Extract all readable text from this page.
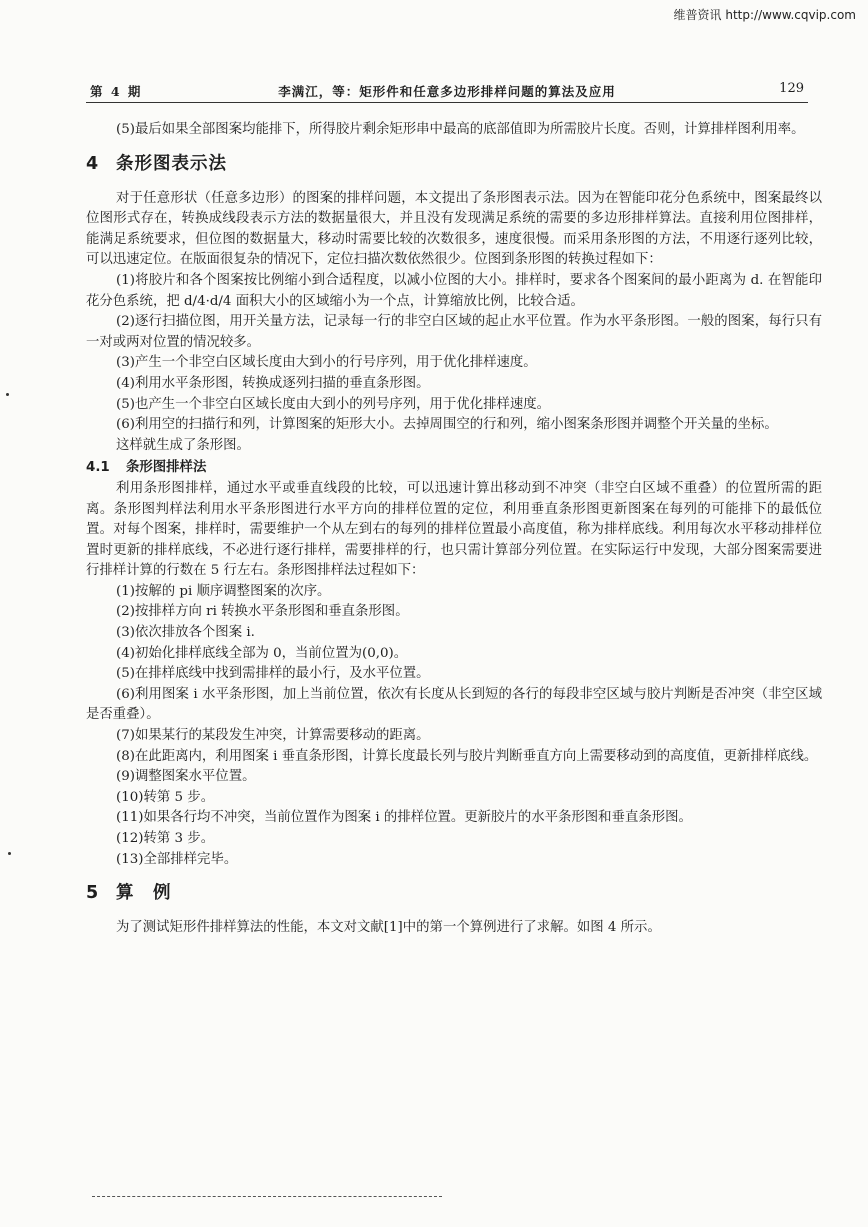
维普资讯 http://www.cqvip.com
第 4 期	李满江，等：矩形件和任意多边形排样问题的算法及应用	129

(5)最后如果全部图案均能排下，所得胶片剩余矩形串中最高的底部值即为所需胶片长度。否则，计算排样图利用率。

4 条形图表示法

对于任意形状（任意多边形）的图案的排样问题，本文提出了条形图表示法。因为在智能印花分色系统中，图案最终以位图形式存在，转换成线段表示方法的数据量很大，并且没有发现满足系统的需要的多边形排样算法。直接利用位图排样，能满足系统要求，但位图的数据量大，移动时需要比较的次数很多，速度很慢。而采用条形图的方法，不用逐行逐列比较，可以迅速定位。在版面很复杂的情况下，定位扫描次数依然很少。位图到条形图的转换过程如下：

(1)将胶片和各个图案按比例缩小到合适程度，以减小位图的大小。排样时，要求各个图案间的最小距离为 d. 在智能印花分色系统，把 d/4·d/4 面积大小的区域缩小为一个点，计算缩放比例，比较合适。

(2)逐行扫描位图，用开关量方法，记录每一行的非空白区域的起止水平位置。作为水平条形图。一般的图案，每行只有一对或两对位置的情况较多。

(3)产生一个非空白区域长度由大到小的行号序列，用于优化排样速度。

(4)利用水平条形图，转换成逐列扫描的垂直条形图。

(5)也产生一个非空白区域长度由大到小的列号序列，用于优化排样速度。

(6)利用空的扫描行和列，计算图案的矩形大小。去掉周围空的行和列，缩小图案条形图并调整个开关量的坐标。

这样就生成了条形图。

4.1 条形图排样法

利用条形图排样，通过水平或垂直线段的比较，可以迅速计算出移动到不冲突（非空白区域不重叠）的位置所需的距离。条形图判样法利用水平条形图进行水平方向的排样位置的定位，利用垂直条形图更新图案在每列的可能排下的最低位置。对每个图案，排样时，需要维护一个从左到右的每列的排样位置最小高度值，称为排样底线。利用每次水平移动排样位置时更新的排样底线，不必进行逐行排样，需要排样的行，也只需计算部分列位置。在实际运行中发现，大部分图案需要进行排样计算的行数在 5 行左右。条形图排样法过程如下：

(1)按解的 pi 顺序调整图案的次序。

(2)按排样方向 ri 转换水平条形图和垂直条形图。

(3)依次排放各个图案 i.

(4)初始化排样底线全部为 0，当前位置为(0,0)。

(5)在排样底线中找到需排样的最小行，及水平位置。

(6)利用图案 i 水平条形图，加上当前位置，依次有长度从长到短的各行的每段非空区域与胶片判断是否冲突（非空区域是否重叠）。

(7)如果某行的某段发生冲突，计算需要移动的距离。

(8)在此距离内，利用图案 i 垂直条形图，计算长度最长列与胶片判断垂直方向上需要移动到的高度值，更新排样底线。

(9)调整图案水平位置。

(10)转第 5 步。

(11)如果各行均不冲突，当前位置作为图案 i 的排样位置。更新胶片的水平条形图和垂直条形图。

(12)转第 3 步。

(13)全部排样完毕。

5 算　例

为了测试矩形件排样算法的性能，本文对文献[1]中的第一个算例进行了求解。如图 4 所示。
